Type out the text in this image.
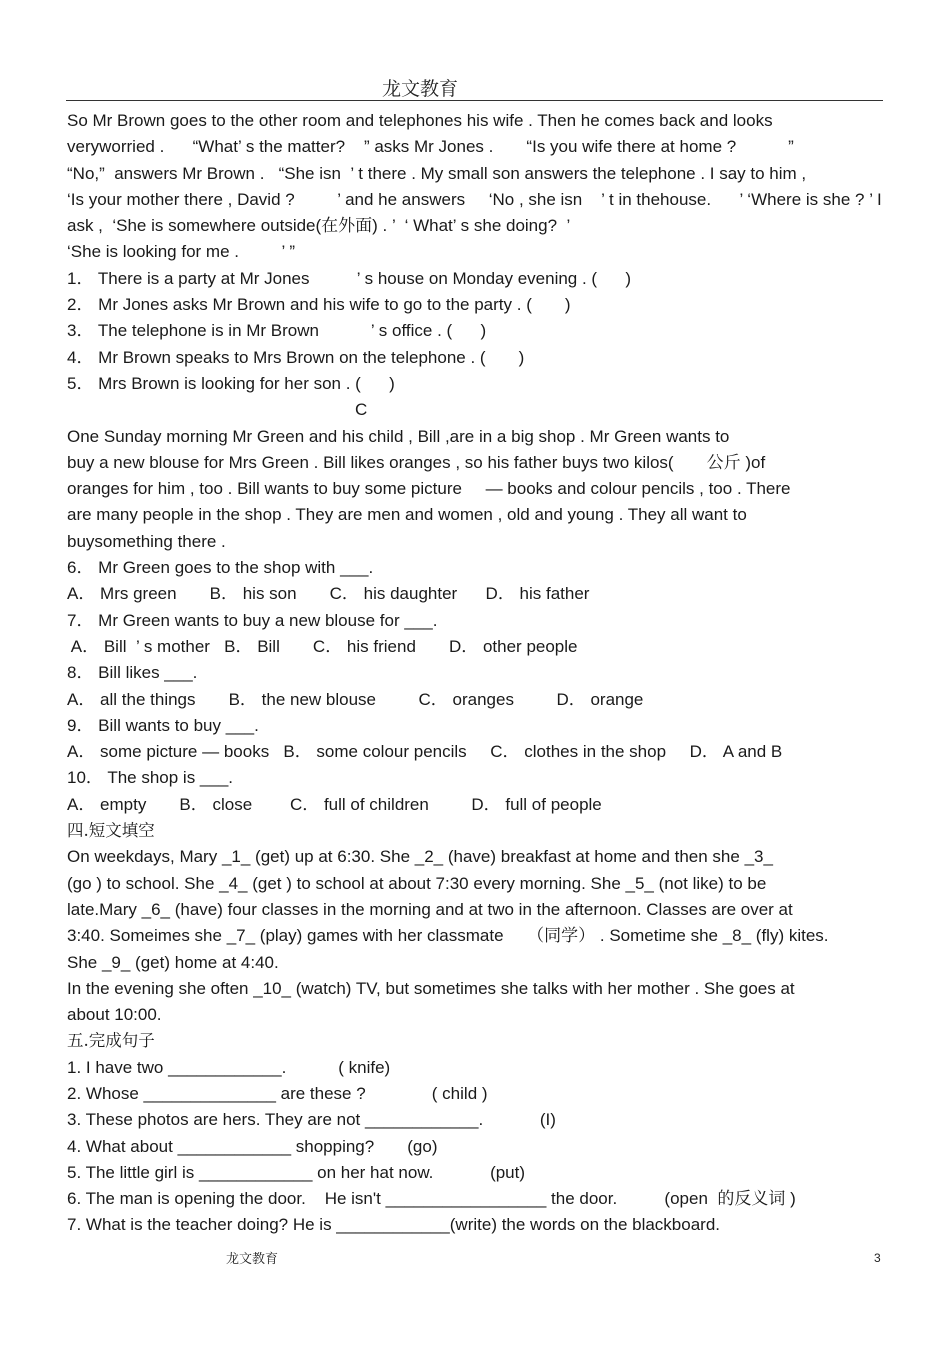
龙文教育
So Mr Brown goes to the other room and telephones his wife . Then he comes back and looks
veryworried .      “What’ s the matter?    ” asks Mr Jones .       “Is you wife there at home ?           ”
“No,”  answers Mr Brown .   “She isn  ’ t there . My small son answers the telephone . I say to him ,
‘Is your mother there , David ?         ’ and he answers     ‘No , she isn    ’ t in thehouse.      ’ ‘Where is she ? ’ I
ask ,  ‘She is somewhere outside(在外面) . ’  ‘ What’ s she doing?  ’
‘She is looking for me .         ’ ”
1． There is a party at Mr Jones          ’ s house on Monday evening . (      )
2． Mr Jones asks Mr Brown and his wife to go to the party . (       )
3． The telephone is in Mr Brown           ’ s office . (      )
4． Mr Brown speaks to Mrs Brown on the telephone . (       )
5． Mrs Brown is looking for her son . (      )
C
One Sunday morning Mr Green and his child , Bill ,are in a big shop . Mr Green wants to
buy a new blouse for Mrs Green . Bill likes oranges , so his father buys two kilos(       公斤 )of
oranges for him , too . Bill wants to buy some picture     — books and colour pencils , too . There
are many people in the shop . They are men and women , old and young . They all want to
buysomething there .
6． Mr Green goes to the shop with ___.
A． Mrs green       B． his son       C． his daughter      D． his father
7． Mr Green wants to buy a new blouse for ___.
A． Bill  ’ s mother   B． Bill       C． his friend       D． other people
8． Bill likes ___.
A． all the things       B． the new blouse         C． oranges         D． orange
9． Bill wants to buy ___.
A． some picture — books   B． some colour pencils     C． clothes in the shop     D． A and B
10． The shop is ___.
A． empty       B． close        C． full of children         D． full of people
四.短文填空
On weekdays, Mary _1_ (get) up at 6:30. She _2_ (have) breakfast at home and then she _3_
(go ) to school. She _4_ (get ) to school at about 7:30 every morning. She _5_ (not like) to be
late.Mary _6_ (have) four classes in the morning and at two in the afternoon. Classes are over at
3:40. Someimes she _7_ (play) games with her classmate     （同学） . Sometime she _8_ (fly) kites.
She _9_ (get) home at 4:40.
In the evening she often _10_ (watch) TV, but sometimes she talks with her mother . She goes at
about 10:00.
五.完成句子
1. I have two ____________.           ( knife)
2. Whose ______________ are these ?              ( child )
3. These photos are hers. They are not ____________.            (I)
4. What about ____________ shopping?       (go)
5. The little girl is ____________ on her hat now.            (put)
6. The man is opening the door.    He isn't _________________ the door.          (open  的反义词 )
7. What is the teacher doing? He is ____________(write) the words on the blackboard.
龙文教育	3
